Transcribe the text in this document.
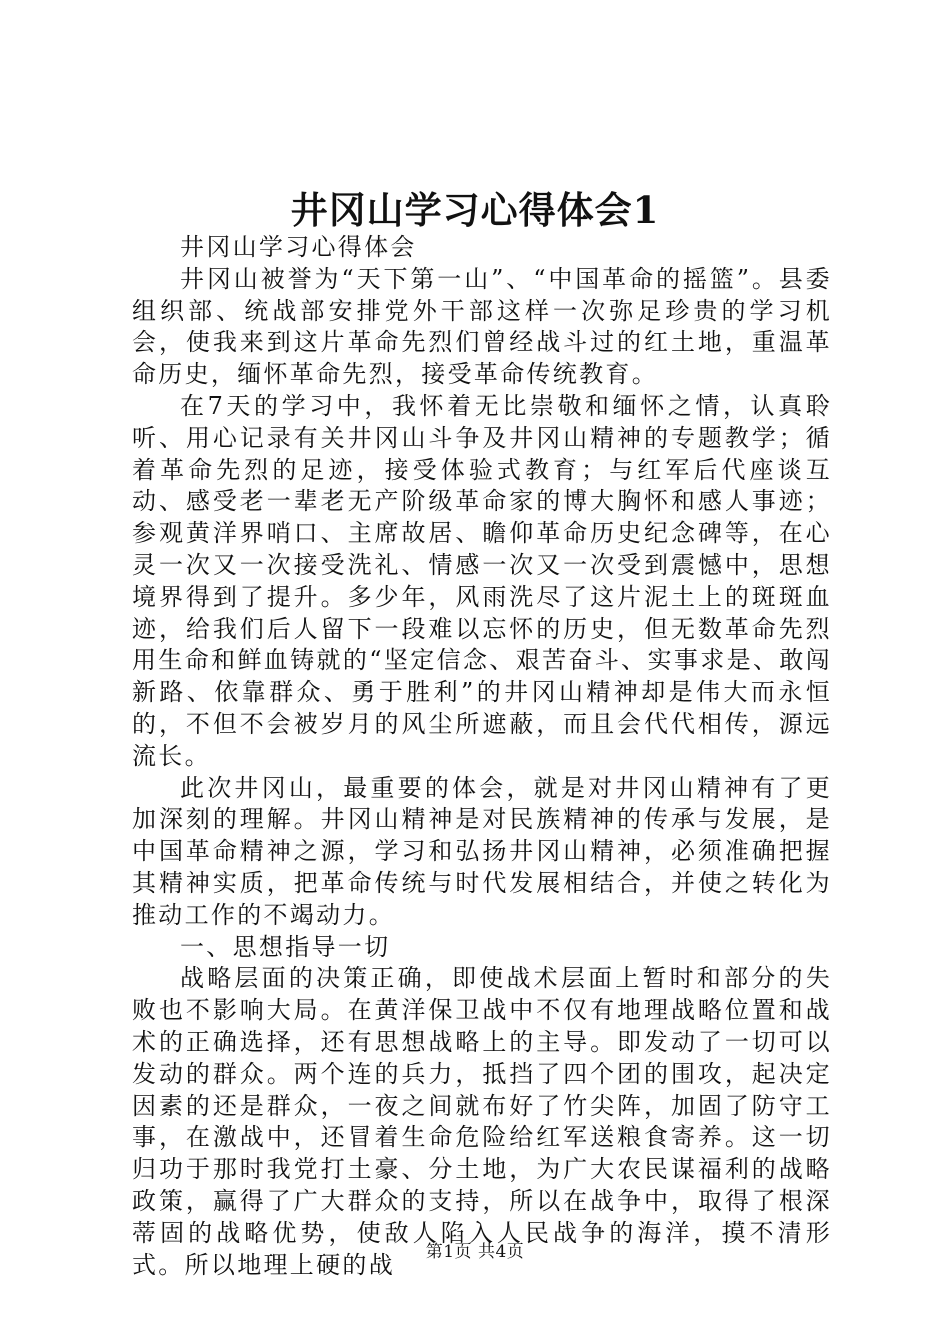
井冈山学习心得体会1

井冈山学习心得体会

井冈山被誉为“天下第一山”、“中国革命的摇篮”。县委组织部、统战部安排党外干部这样一次弥足珍贵的学习机会，使我来到这片革命先烈们曾经战斗过的红土地，重温革命历史，缅怀革命先烈，接受革命传统教育。

在7天的学习中，我怀着无比崇敬和缅怀之情，认真聆听、用心记录有关井冈山斗争及井冈山精神的专题教学；循着革命先烈的足迹，接受体验式教育；与红军后代座谈互动、感受老一辈老无产阶级革命家的博大胸怀和感人事迹；参观黄洋界哨口、主席故居、瞻仰革命历史纪念碑等，在心灵一次又一次接受洗礼、情感一次又一次受到震憾中，思想境界得到了提升。多少年，风雨洗尽了这片泥土上的斑斑血迹，给我们后人留下一段难以忘怀的历史，但无数革命先烈用生命和鲜血铸就的“坚定信念、艰苦奋斗、实事求是、敢闯新路、依靠群众、勇于胜利”的井冈山精神却是伟大而永恒的，不但不会被岁月的风尘所遮蔽，而且会代代相传，源远流长。

此次井冈山，最重要的体会，就是对井冈山精神有了更加深刻的理解。井冈山精神是对民族精神的传承与发展，是中国革命精神之源，学习和弘扬井冈山精神，必须准确把握其精神实质，把革命传统与时代发展相结合，并使之转化为推动工作的不竭动力。

一、思想指导一切

战略层面的决策正确，即使战术层面上暂时和部分的失败也不影响大局。在黄洋保卫战中不仅有地理战略位置和战术的正确选择，还有思想战略上的主导。即发动了一切可以发动的群众。两个连的兵力，抵挡了四个团的围攻，起决定因素的还是群众，一夜之间就布好了竹尖阵，加固了防守工事，在激战中，还冒着生命危险给红军送粮食寄养。这一切归功于那时我党打土豪、分土地，为广大农民谋福利的战略政策，赢得了广大群众的支持，所以在战争中，取得了根深蒂固的战略优势，使敌人陷入人民战争的海洋，摸不清形式。所以地理上硬的战	第1页 共4页
